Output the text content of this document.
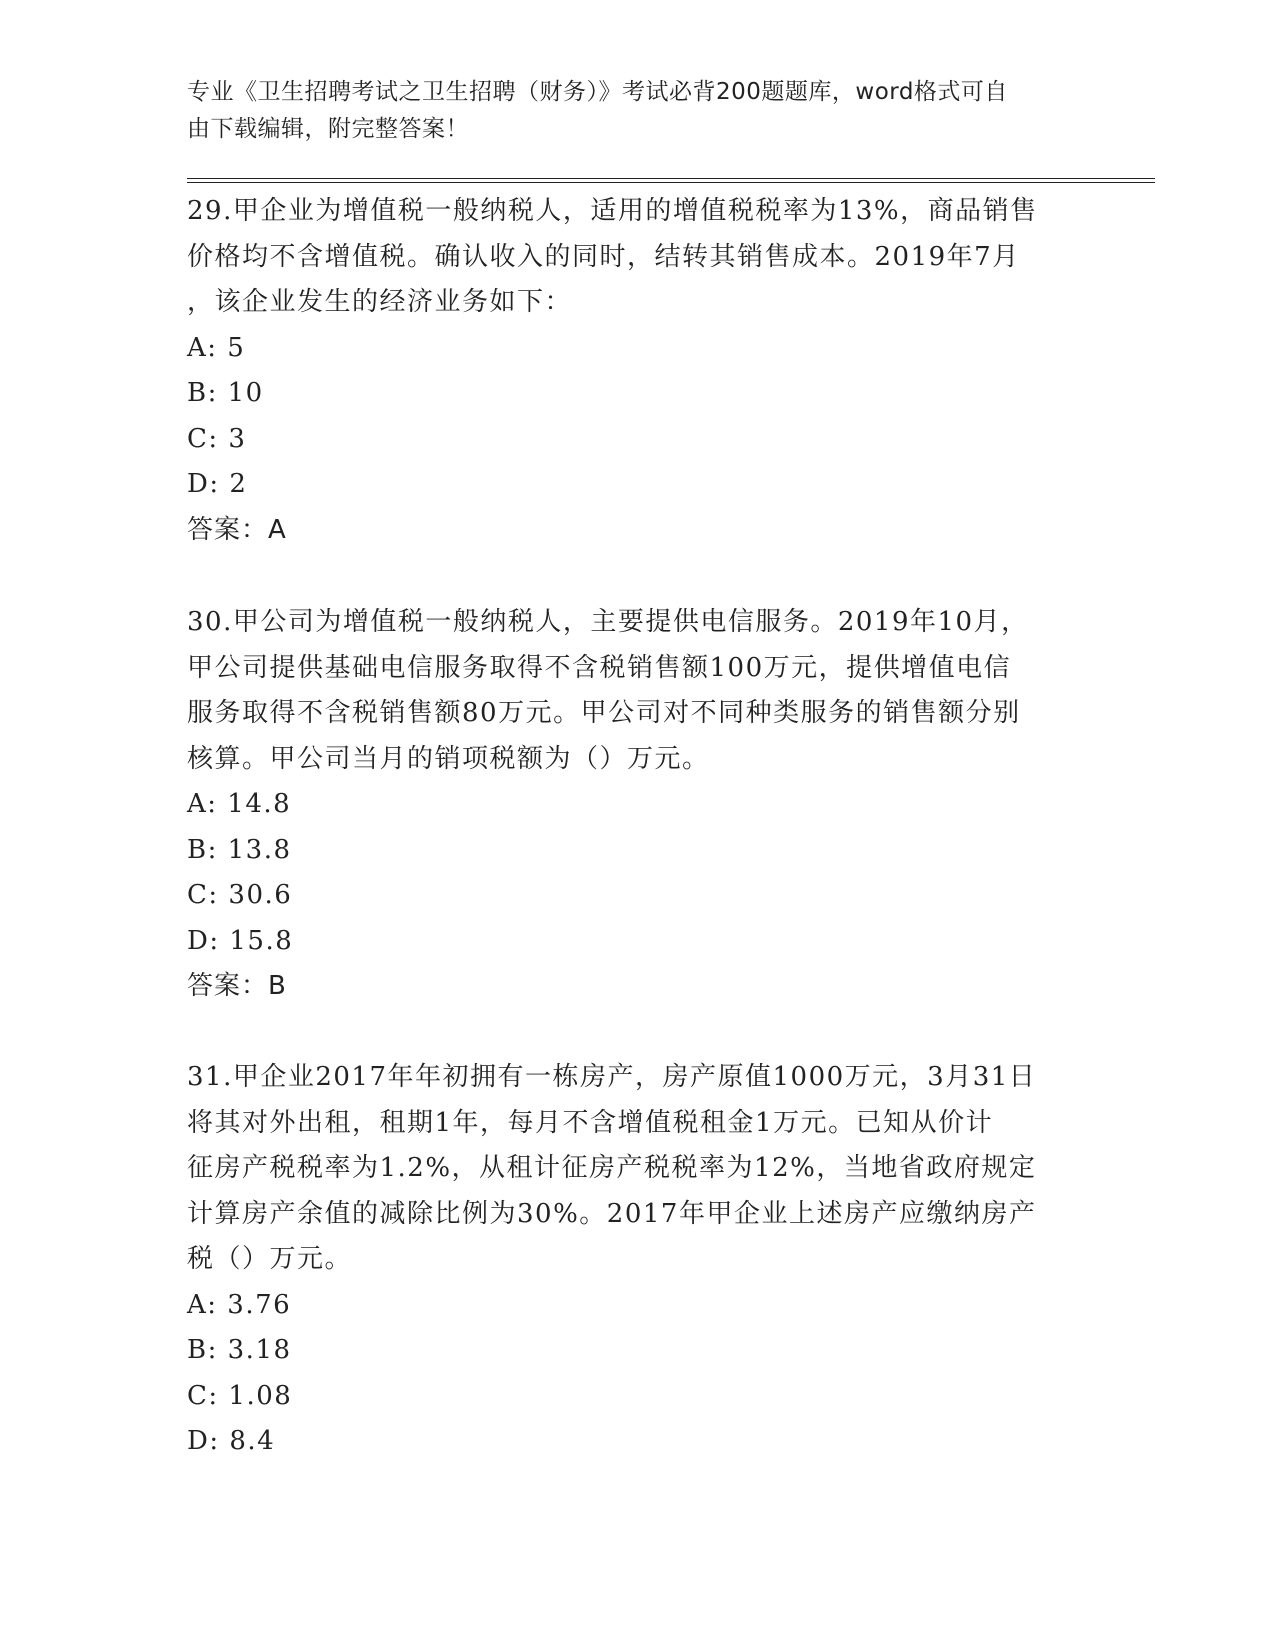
专业《卫生招聘考试之卫生招聘（财务）》考试必背200题题库，word格式可自
由下载编辑，附完整答案！
29.甲企业为增值税一般纳税人，适用的增值税税率为13%，商品销售
价格均不含增值税。确认收入的同时，结转其销售成本。2019年7月
，该企业发生的经济业务如下：
A: 5
B: 10
C: 3
D: 2
答案：A
30.甲公司为增值税一般纳税人，主要提供电信服务。2019年10月，
甲公司提供基础电信服务取得不含税销售额100万元，提供增值电信
服务取得不含税销售额80万元。甲公司对不同种类服务的销售额分别
核算。甲公司当月的销项税额为（）万元。
A: 14.8
B: 13.8
C: 30.6
D: 15.8
答案：B
31.甲企业2017年年初拥有一栋房产，房产原值1000万元，3月31日
将其对外出租，租期1年，每月不含增值税租金1万元。已知从价计
征房产税税率为1.2%，从租计征房产税税率为12%，当地省政府规定
计算房产余值的减除比例为30%。2017年甲企业上述房产应缴纳房产
税（）万元。
A: 3.76
B: 3.18
C: 1.08
D: 8.4
